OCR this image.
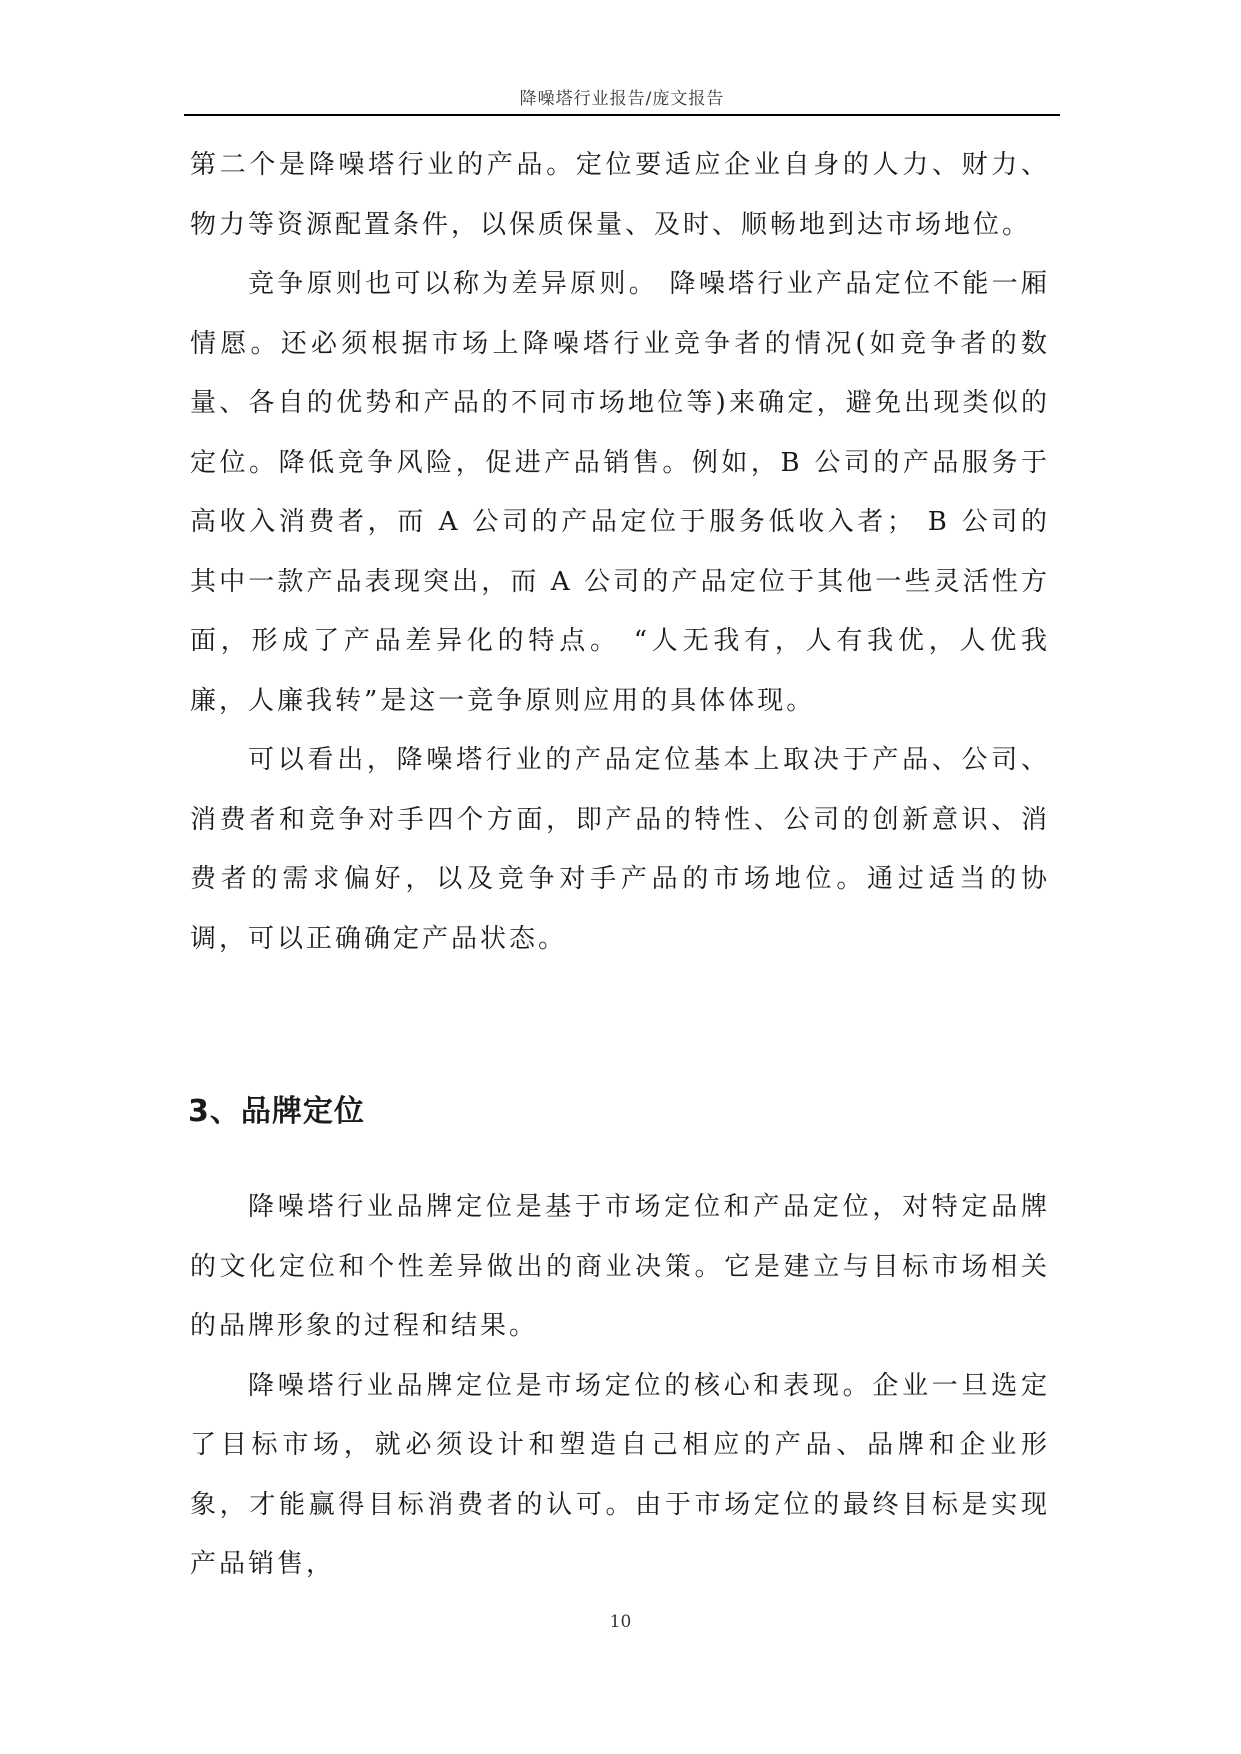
降噪塔行业报告/庞文报告

第二个是降噪塔行业的产品。定位要适应企业自身的人力、财力、物力等资源配置条件，以保质保量、及时、顺畅地到达市场地位。

竞争原则也可以称为差异原则。 降噪塔行业产品定位不能一厢情愿。还必须根据市场上降噪塔行业竞争者的情况(如竞争者的数量、各自的优势和产品的不同市场地位等)来确定，避免出现类似的定位。降低竞争风险，促进产品销售。例如，B 公司的产品服务于高收入消费者，而 A 公司的产品定位于服务低收入者； B 公司的其中一款产品表现突出，而 A 公司的产品定位于其他一些灵活性方面，形成了产品差异化的特点。 “人无我有，人有我优，人优我廉，人廉我转”是这一竞争原则应用的具体体现。

可以看出，降噪塔行业的产品定位基本上取决于产品、公司、消费者和竞争对手四个方面，即产品的特性、公司的创新意识、消费者的需求偏好，以及竞争对手产品的市场地位。通过适当的协调，可以正确确定产品状态。

3、品牌定位

降噪塔行业品牌定位是基于市场定位和产品定位，对特定品牌的文化定位和个性差异做出的商业决策。它是建立与目标市场相关的品牌形象的过程和结果。

降噪塔行业品牌定位是市场定位的核心和表现。企业一旦选定了目标市场，就必须设计和塑造自己相应的产品、品牌和企业形象，才能赢得目标消费者的认可。由于市场定位的最终目标是实现产品销售，

10
